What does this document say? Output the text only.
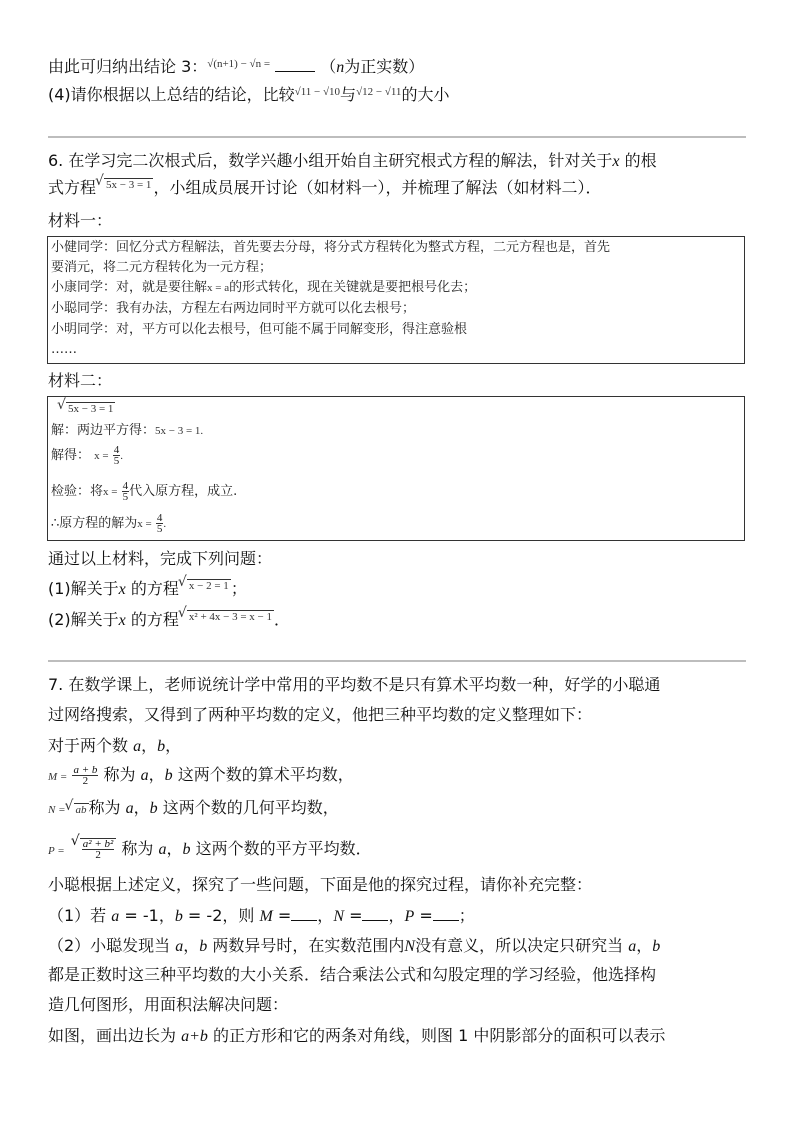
由此可归纳出结论 3：$^{√(n+1) - √n =}$	（n为正实数）
(4)请你根据以上总结的结论，比较$^{√11 - √10}$与$^{√12 - √11}$的大小
6. 在学习完二次根式后，数学兴趣小组开始自主研究根式方程的解法，针对关于x 的根
式方程 √ 5x − 3 = 1 ，小组成员展开讨论（如材料一），并梳理了解法（如材料二）．
材料一：
小健同学：回忆分式方程解法，首先要去分母，将分式方程转化为整式方程，二元方程也是，首先
要消元，将二元方程转化为一元方程；
小康同学：对，就是要往解x = a的形式转化，现在关键就是要把根号化去；
小聪同学：我有办法，方程左右两边同时平方就可以化去根号；
小明同学：对，平方可以化去根号，但可能不属于同解变形，得注意验根
……
材料二：
√ 5x − 3 = 1
解：两边平方得：5x − 3 = 1.
解得： $x = \frac{4}{5}$ .
检验：将$x = \frac{4}{5}$ 代入原方程，成立.
∴原方程的解为$x = \frac{4}{5}$ .
通过以上材料，完成下列问题：
(1)解关于x 的方程 √ x − 2 = 1 ；
(2)解关于x 的方程 √ x² + 4x − 3 = x − 1 ．
7. 在数学课上，老师说统计学中常用的平均数不是只有算术平均数一种，好学的小聪通
过网络搜索，又得到了两种平均数的定义，他把三种平均数的定义整理如下：
对于两个数 a，b，
$M = \frac{a + b}{2}$ 称为 a，b 这两个数的算术平均数，
N = √ ab 称为 a，b 这两个数的几何平均数，
P = √ $\frac{\text{a² + b²}}{2}$ 称为 a，b 这两个数的平方平均数．
小聪根据上述定义，探究了一些问题，下面是他的探究过程，请你补充完整：
（1）若 a = -1，b = -2，则 M = ，N = ，P = ；
（2）小聪发现当 a，b 两数异号时，在实数范围内N没有意义，所以决定只研究当 a，b
都是正数时这三种平均数的大小关系．结合乘法公式和勾股定理的学习经验，他选择构
造几何图形，用面积法解决问题：
如图，画出边长为 a+b 的正方形和它的两条对角线，则图 1 中阴影部分的面积可以表示
